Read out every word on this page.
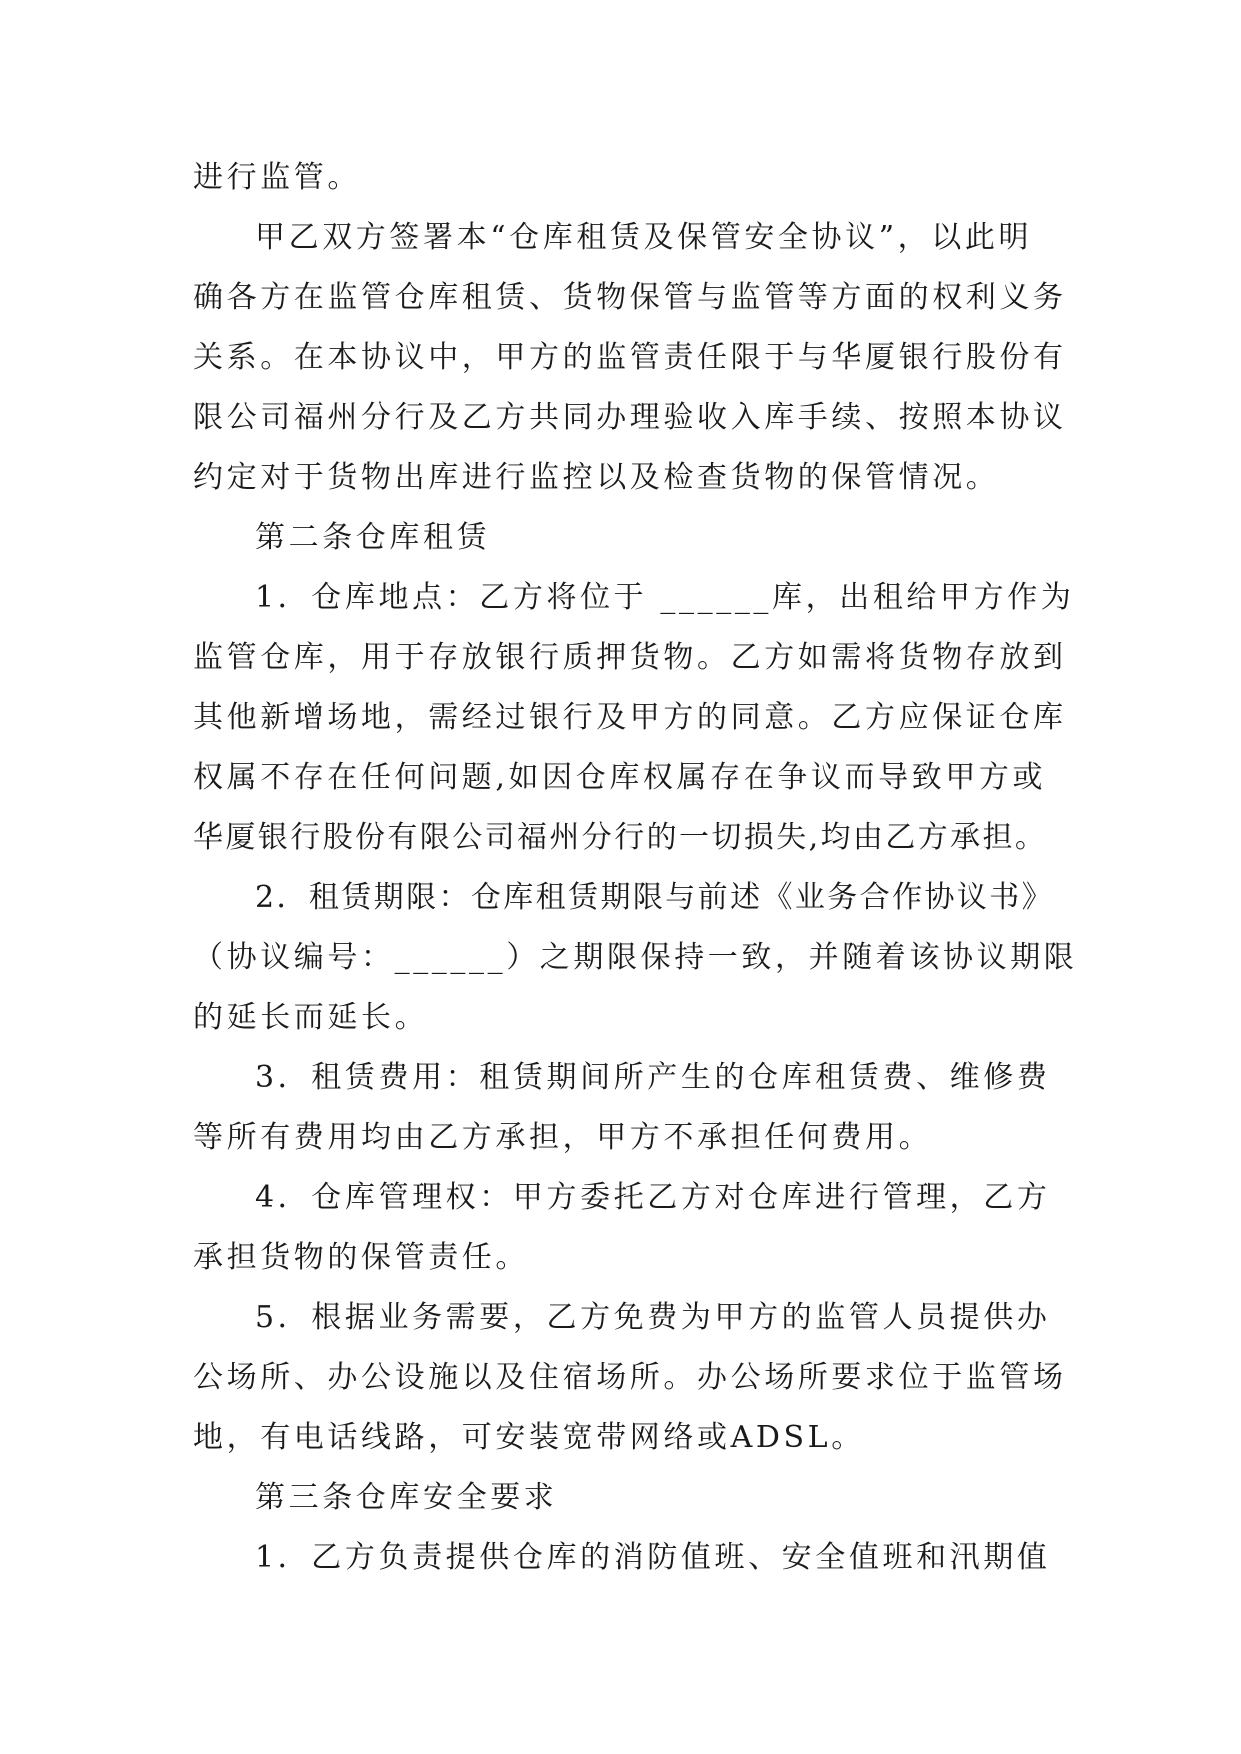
进行监管。
甲乙双方签署本“仓库租赁及保管安全协议”，以此明
确各方在监管仓库租赁、货物保管与监管等方面的权利义务
关系。在本协议中，甲方的监管责任限于与华厦银行股份有
限公司福州分行及乙方共同办理验收入库手续、按照本协议
约定对于货物出库进行监控以及检查货物的保管情况。
第二条仓库租赁
1．仓库地点：乙方将位于 ______库，出租给甲方作为
监管仓库，用于存放银行质押货物。乙方如需将货物存放到
其他新增场地，需经过银行及甲方的同意。乙方应保证仓库
权属不存在任何问题,如因仓库权属存在争议而导致甲方或
华厦银行股份有限公司福州分行的一切损失,均由乙方承担。
2．租赁期限：仓库租赁期限与前述《业务合作协议书》
（协议编号：______）之期限保持一致，并随着该协议期限
的延长而延长。
3．租赁费用：租赁期间所产生的仓库租赁费、维修费
等所有费用均由乙方承担，甲方不承担任何费用。
4．仓库管理权：甲方委托乙方对仓库进行管理，乙方
承担货物的保管责任。
5．根据业务需要，乙方免费为甲方的监管人员提供办
公场所、办公设施以及住宿场所。办公场所要求位于监管场
地，有电话线路，可安装宽带网络或ADSL。
第三条仓库安全要求
1．乙方负责提供仓库的消防值班、安全值班和汛期值
